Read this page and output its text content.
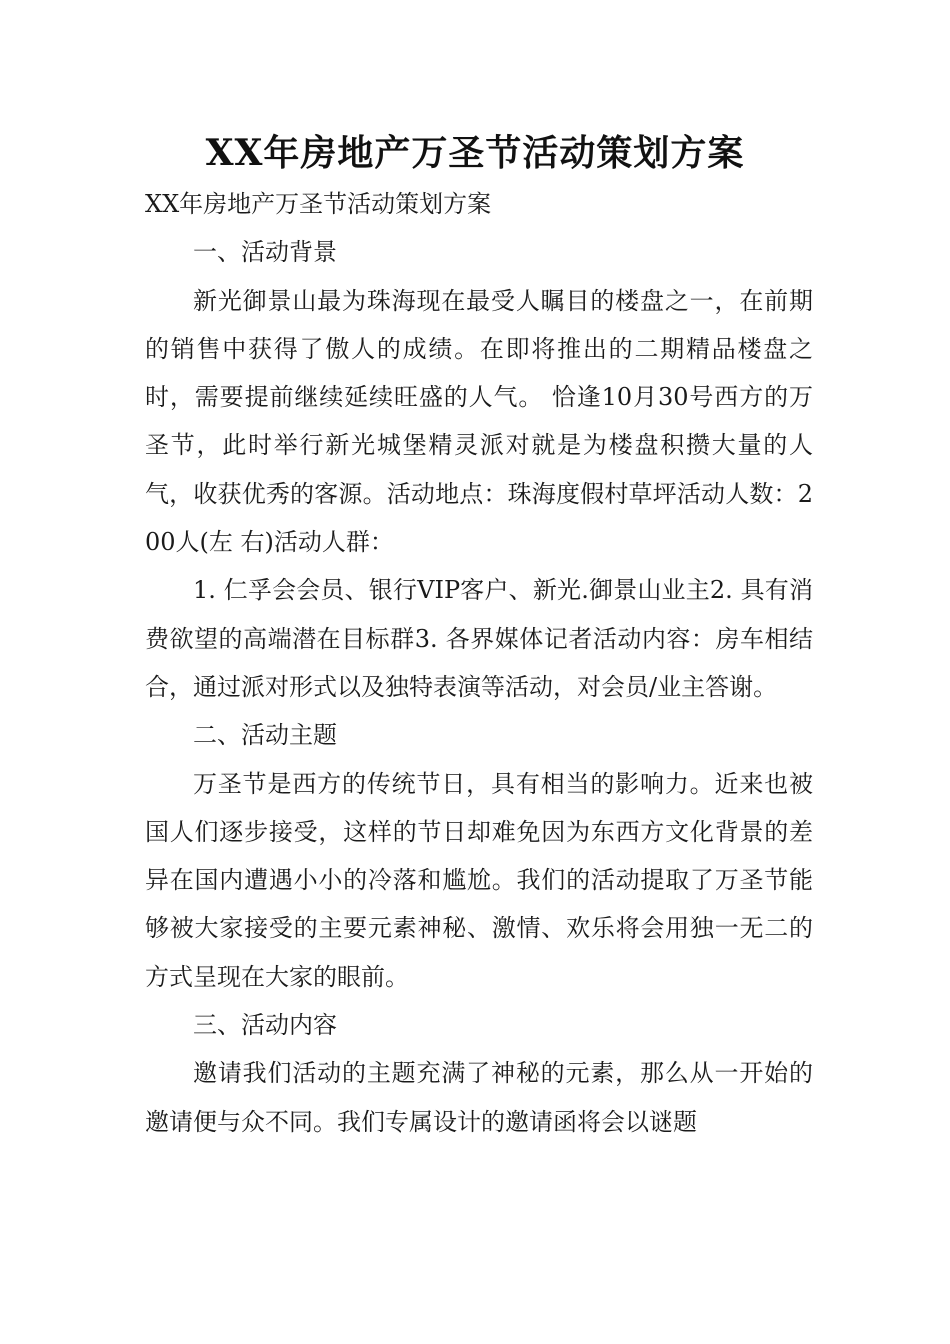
XX年房地产万圣节活动策划方案

XX年房地产万圣节活动策划方案

一、活动背景

新光御景山最为珠海现在最受人瞩目的楼盘之一，在前期的销售中获得了傲人的成绩。在即将推出的二期精品楼盘之时，需要提前继续延续旺盛的人气。 恰逢10月30号西方的万圣节，此时举行新光城堡精灵派对就是为楼盘积攒大量的人气，收获优秀的客源。活动地点：珠海度假村草坪活动人数：200人(左 右)活动人群：

1. 仁孚会会员、银行VIP客户、新光.御景山业主2. 具有消费欲望的高端潜在目标群3. 各界媒体记者活动内容：房车相结合，通过派对形式以及独特表演等活动，对会员/业主答谢。

二、活动主题

万圣节是西方的传统节日，具有相当的影响力。近来也被国人们逐步接受，这样的节日却难免因为东西方文化背景的差异在国内遭遇小小的冷落和尴尬。我们的活动提取了万圣节能够被大家接受的主要元素神秘、激情、欢乐将会用独一无二的方式呈现在大家的眼前。

三、活动内容

邀请我们活动的主题充满了神秘的元素，那么从一开始的邀请便与众不同。我们专属设计的邀请函将会以谜题
